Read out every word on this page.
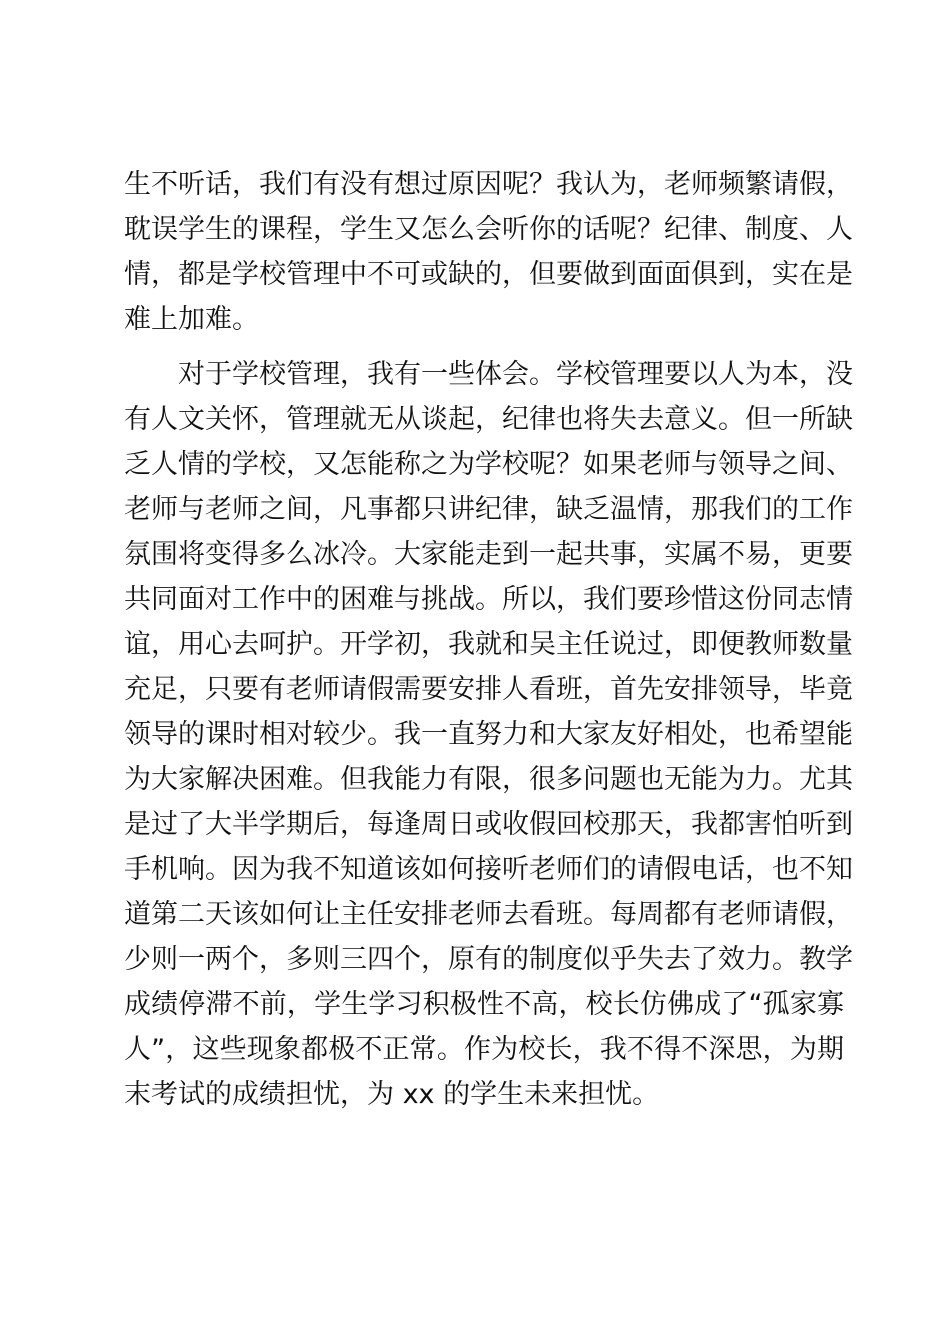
生不听话，我们有没有想过原因呢？我认为，老师频繁请假，
耽误学生的课程，学生又怎么会听你的话呢？纪律、制度、人
情，都是学校管理中不可或缺的，但要做到面面俱到，实在是
难上加难。
对于学校管理，我有一些体会。学校管理要以人为本，没
有人文关怀，管理就无从谈起，纪律也将失去意义。但一所缺
乏人情的学校，又怎能称之为学校呢？如果老师与领导之间、
老师与老师之间，凡事都只讲纪律，缺乏温情，那我们的工作
氛围将变得多么冰冷。大家能走到一起共事，实属不易，更要
共同面对工作中的困难与挑战。所以，我们要珍惜这份同志情
谊，用心去呵护。开学初，我就和吴主任说过，即便教师数量
充足，只要有老师请假需要安排人看班，首先安排领导，毕竟
领导的课时相对较少。我一直努力和大家友好相处，也希望能
为大家解决困难。但我能力有限，很多问题也无能为力。尤其
是过了大半学期后，每逢周日或收假回校那天，我都害怕听到
手机响。因为我不知道该如何接听老师们的请假电话，也不知
道第二天该如何让主任安排老师去看班。每周都有老师请假，
少则一两个，多则三四个，原有的制度似乎失去了效力。教学
成绩停滞不前，学生学习积极性不高，校长仿佛成了“孤家寡
人”，这些现象都极不正常。作为校长，我不得不深思，为期
末考试的成绩担忧，为 xx 的学生未来担忧。
